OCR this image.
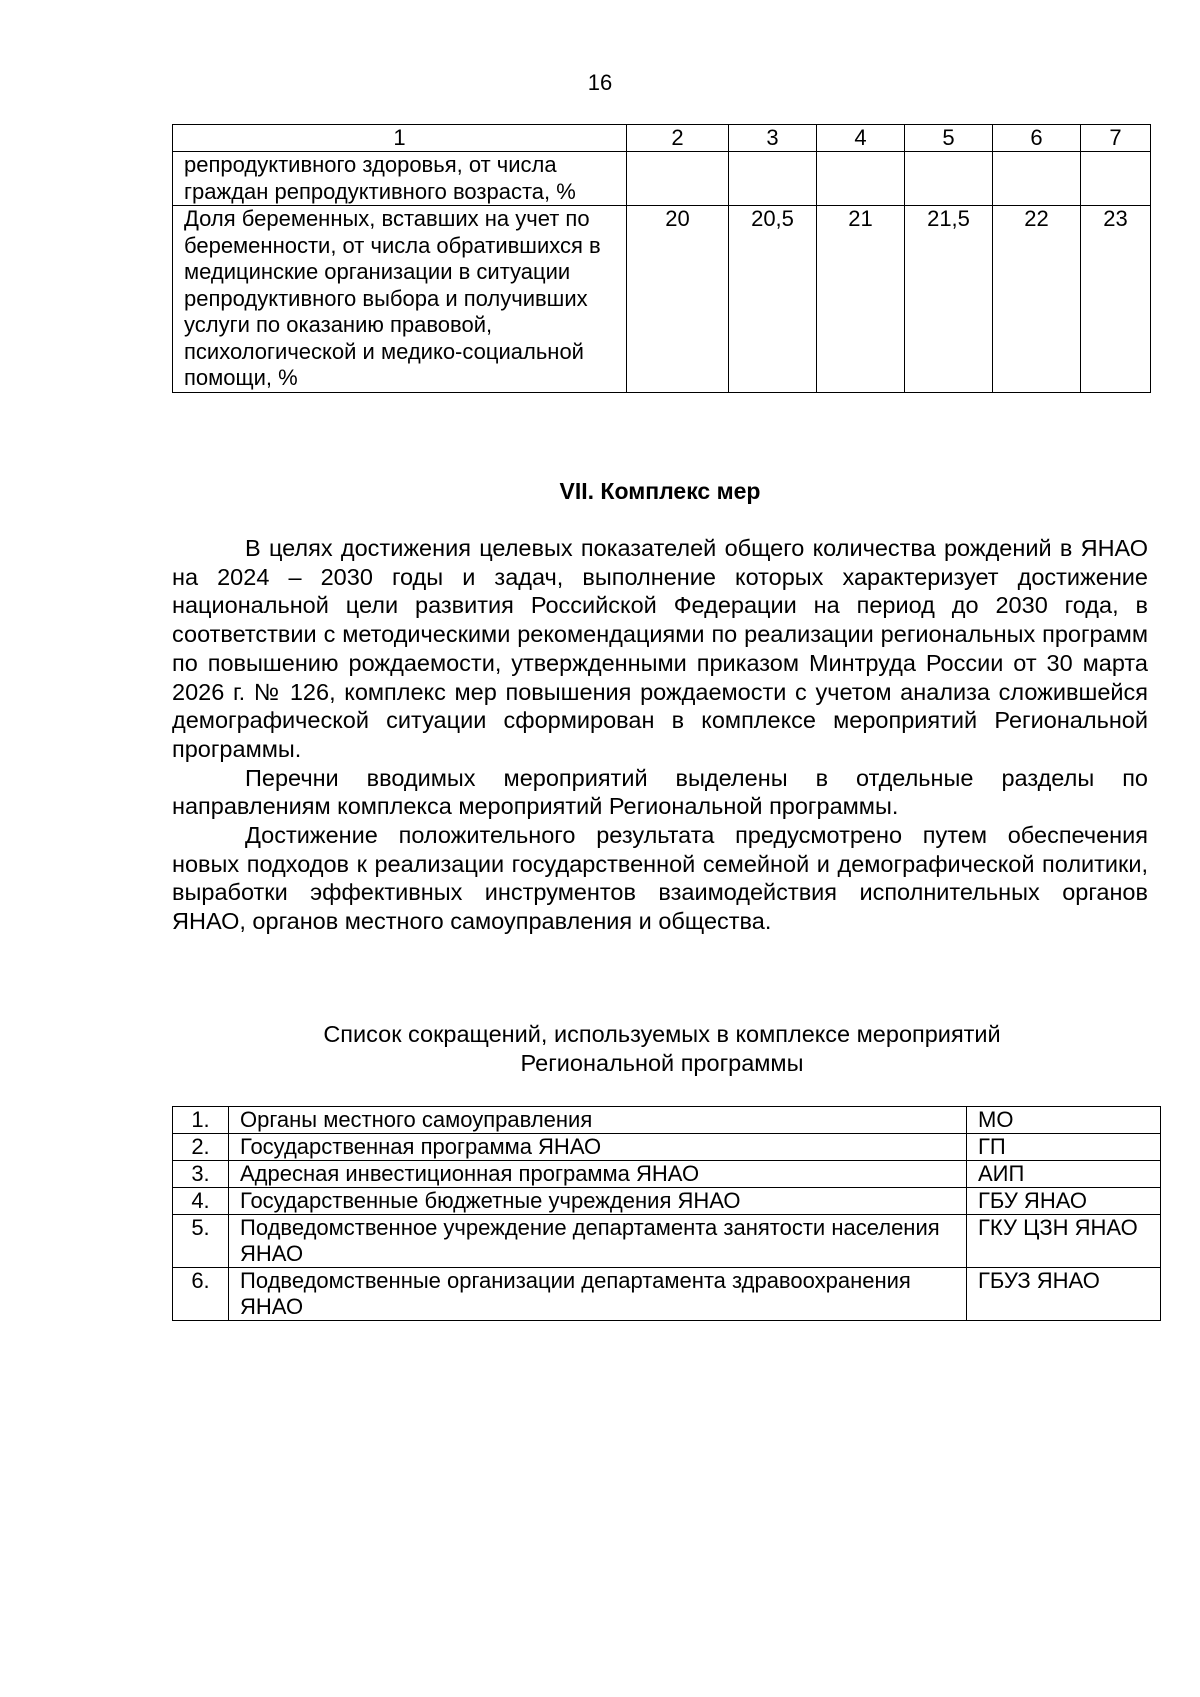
16
1	2	3	4	5	6	7
репродуктивного здоровья, от числа граждан репродуктивного возраста, %						
Доля беременных, вставших на учет по беременности, от числа обратившихся в медицинские организации в ситуации репродуктивного выбора и получивших услуги по оказанию правовой, психологической и медико-социальной помощи, %	20	20,5	21	21,5	22	23
VII. Комплекс мер

В целях достижения целевых показателей общего количества рождений в ЯНАО на 2024 – 2030 годы и задач, выполнение которых характеризует достижение национальной цели развития Российской Федерации на период до 2030 года, в соответствии с методическими рекомендациями по реализации региональных программ по повышению рождаемости, утвержденными приказом Минтруда России от 30 марта 2026 г. № 126, комплекс мер повышения рождаемости с учетом анализа сложившейся демографической ситуации сформирован в комплексе мероприятий Региональной программы.

Перечни вводимых мероприятий выделены в отдельные разделы по направлениям комплекса мероприятий Региональной программы.

Достижение положительного результата предусмотрено путем обеспечения новых подходов к реализации государственной семейной и демографической политики, выработки эффективных инструментов взаимодействия исполнительных органов ЯНАО, органов местного самоуправления и общества.

Список сокращений, используемых в комплексе мероприятий
Региональной программы
1.	Органы местного самоуправления	МО
2.	Государственная программа ЯНАО	ГП
3.	Адресная инвестиционная программа ЯНАО	АИП
4.	Государственные бюджетные учреждения ЯНАО	ГБУ ЯНАО
5.	Подведомственное учреждение департамента занятости населения ЯНАО	ГКУ ЦЗН ЯНАО
6.	Подведомственные организации департамента здравоохранения ЯНАО	ГБУЗ ЯНАО
